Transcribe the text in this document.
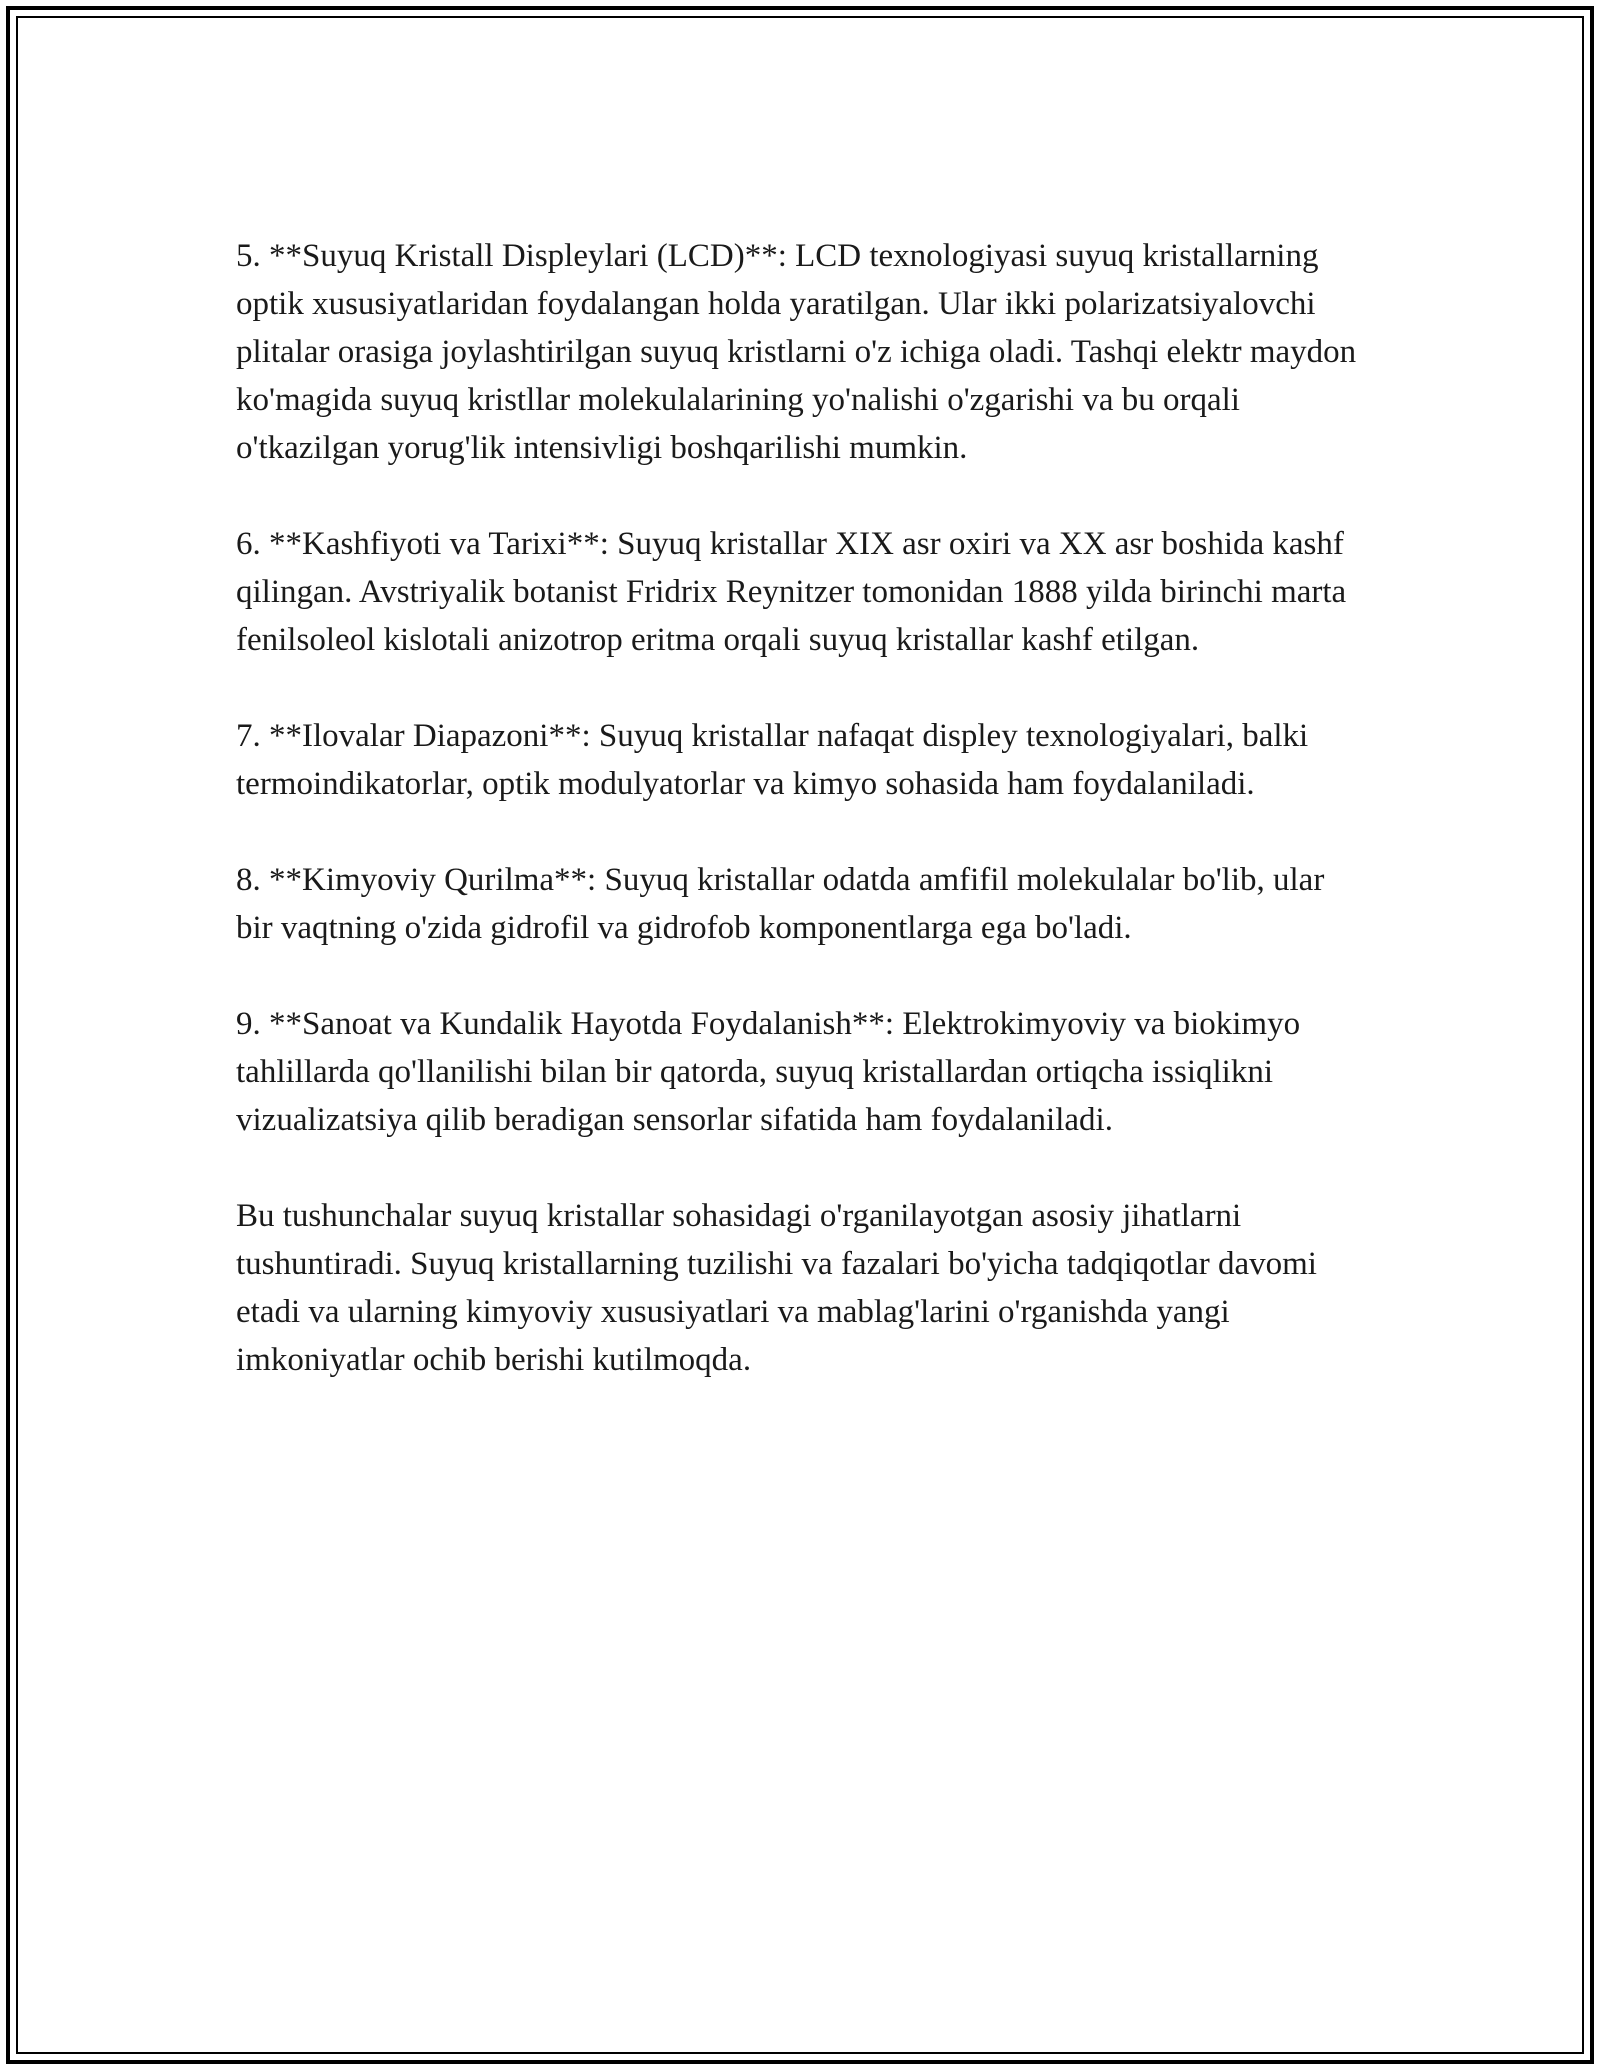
5. **Suyuq Kristall Displeylari (LCD)**: LCD texnologiyasi suyuq kristallarning optik xususiyatlaridan foydalangan holda yaratilgan. Ular ikki polarizatsiyalovchi plitalar orasiga joylashtirilgan suyuq kristlarni o'z ichiga oladi. Tashqi elektr maydon ko'magida suyuq kristllar molekulalarining yo'nalishi o'zgarishi va bu orqali o'tkazilgan yorug'lik intensivligi boshqarilishi mumkin.

6. **Kashfiyoti va Tarixi**: Suyuq kristallar XIX asr oxiri va XX asr boshida kashf qilingan. Avstriyalik botanist Fridrix Reynitzer tomonidan 1888 yilda birinchi marta fenilsoleol kislotali anizotrop eritma orqali suyuq kristallar kashf etilgan.

7. **Ilovalar Diapazoni**: Suyuq kristallar nafaqat displey texnologiyalari, balki termoindikatorlar, optik modulyatorlar va kimyo sohasida ham foydalaniladi.

8. **Kimyoviy Qurilma**: Suyuq kristallar odatda amfifil molekulalar bo'lib, ular bir vaqtning o'zida gidrofil va gidrofob komponentlarga ega bo'ladi.

9. **Sanoat va Kundalik Hayotda Foydalanish**: Elektrokimyoviy va biokimyo tahlillarda qo'llanilishi bilan bir qatorda, suyuq kristallardan ortiqcha issiqlikni vizualizatsiya qilib beradigan sensorlar sifatida ham foydalaniladi.

Bu tushunchalar suyuq kristallar sohasidagi o'rganilayotgan asosiy jihatlarni tushuntiradi. Suyuq kristallarning tuzilishi va fazalari bo'yicha tadqiqotlar davomi etadi va ularning kimyoviy xususiyatlari va mablag'larini o'rganishda yangi imkoniyatlar ochib berishi kutilmoqda.
